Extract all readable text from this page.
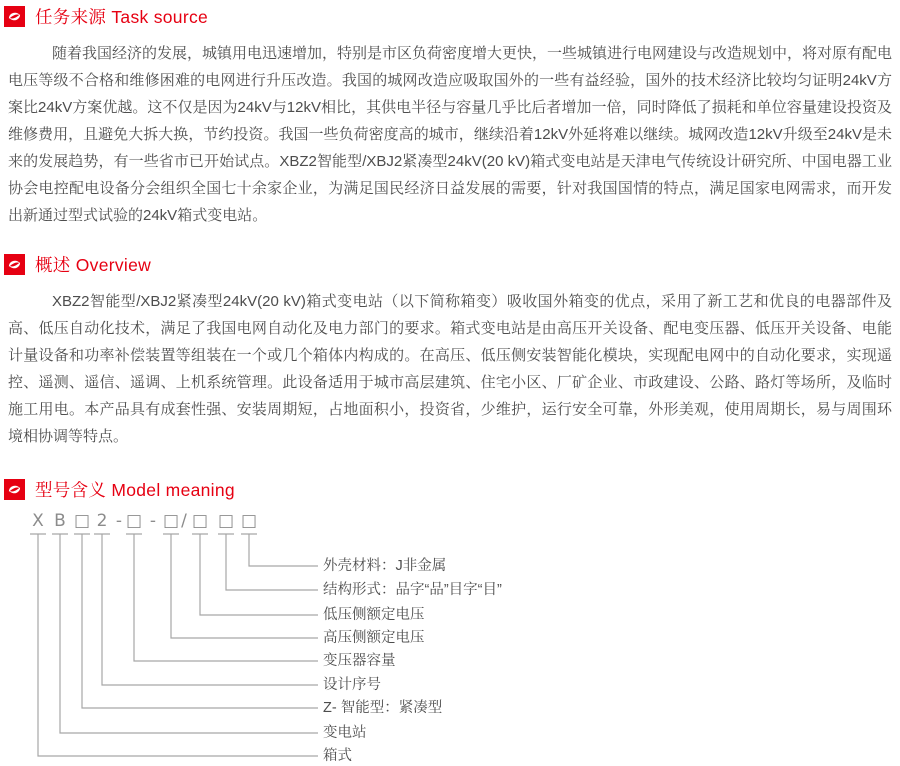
任务来源 Task source

随着我国经济的发展，城镇用电迅速增加，特别是市区负荷密度增大更快，一些城镇进行电网建设与改造规划中，将对原有配电电压等级不合格和维修困难的电网进行升压改造。我国的城网改造应吸取国外的一些有益经验，国外的技术经济比较均匀证明24kV方案比24kV方案优越。这不仅是因为24kV与12kV相比，其供电半径与容量几乎比后者增加一倍，同时降低了损耗和单位容量建设投资及维修费用，且避免大拆大换，节约投资。我国一些负荷密度高的城市，继续沿着12kV外延将难以继续。城网改造12kV升级至24kV是未来的发展趋势，有一些省市已开始试点。XBZ2智能型/XBJ2紧凑型24kV(20 kV)箱式变电站是天津电气传统设计研究所、中国电器工业协会电控配电设备分会组织全国七十余家企业，为满足国民经济日益发展的需要，针对我国国情的特点，满足国家电网需求，而开发出新通过型式试验的24kV箱式变电站。

概述 Overview

XBZ2智能型/XBJ2紧凑型24kV(20 kV)箱式变电站（以下简称箱变）吸收国外箱变的优点，采用了新工艺和优良的电器部件及高、低压自动化技术，满足了我国电网自动化及电力部门的要求。箱式变电站是由高压开关设备、配电变压器、低压开关设备、电能计量设备和功率补偿装置等组装在一个或几个箱体内构成的。在高压、低压侧安装智能化模块，实现配电网中的自动化要求，实现遥控、遥测、遥信、遥调、上机系统管理。此设备适用于城市高层建筑、住宅小区、厂矿企业、市政建设、公路、路灯等场所，及临时施工用电。本产品具有成套性强、安装周期短，占地面积小，投资省，少维护，运行安全可靠，外形美观，使用周期长，易与周围环境相协调等特点。

型号含义 Model meaning
X B □ 2 - □ - □ / □ □ □
外壳材料：J非金属
结构形式：品字“品”目字“目”
低压侧额定电压
高压侧额定电压
变压器容量
设计序号
Z- 智能型：紧凑型
变电站
箱式
